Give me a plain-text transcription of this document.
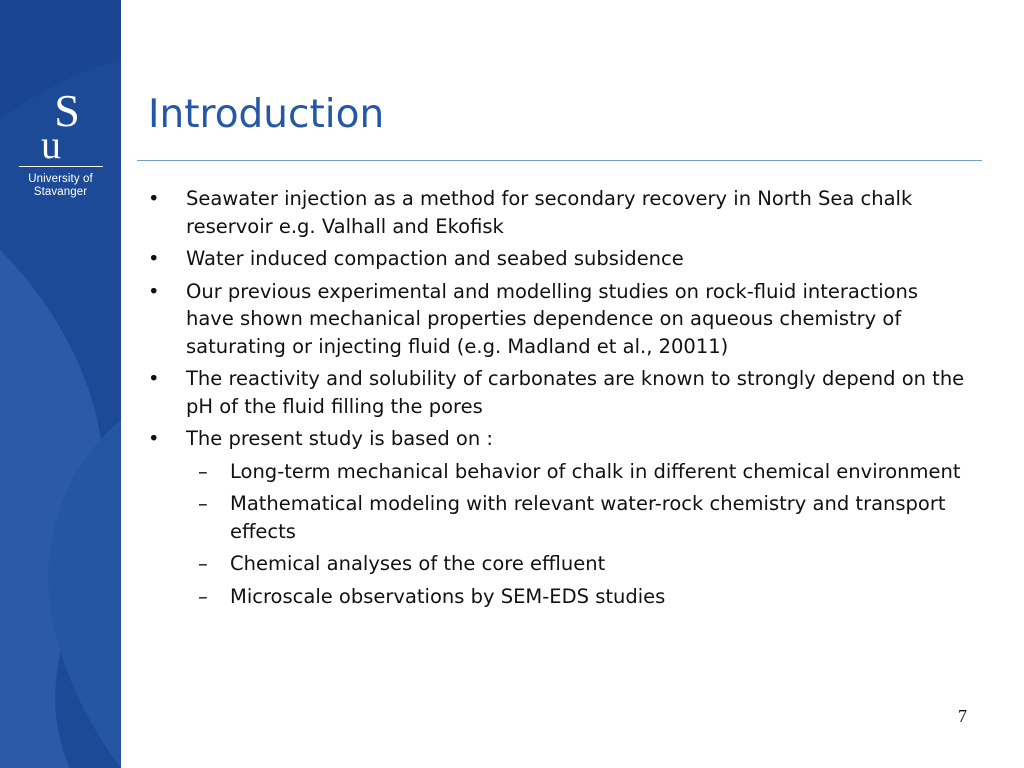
S
u
University of
Stavanger
Introduction
• Seawater injection as a method for secondary recovery in North Sea chalk reservoir e.g. Valhall and Ekofisk
• Water induced compaction and seabed subsidence
• Our previous experimental and modelling studies on rock-fluid interactions have shown mechanical properties dependence on aqueous chemistry of saturating or injecting fluid (e.g. Madland et al., 20011)
• The reactivity and solubility of carbonates are known to strongly depend on the pH of the fluid filling the pores
• The present study is based on :
– Long-term mechanical behavior of chalk in different chemical environment
– Mathematical modeling with relevant water-rock chemistry and transport effects
– Chemical analyses of the core effluent
– Microscale observations by SEM-EDS studies
7
